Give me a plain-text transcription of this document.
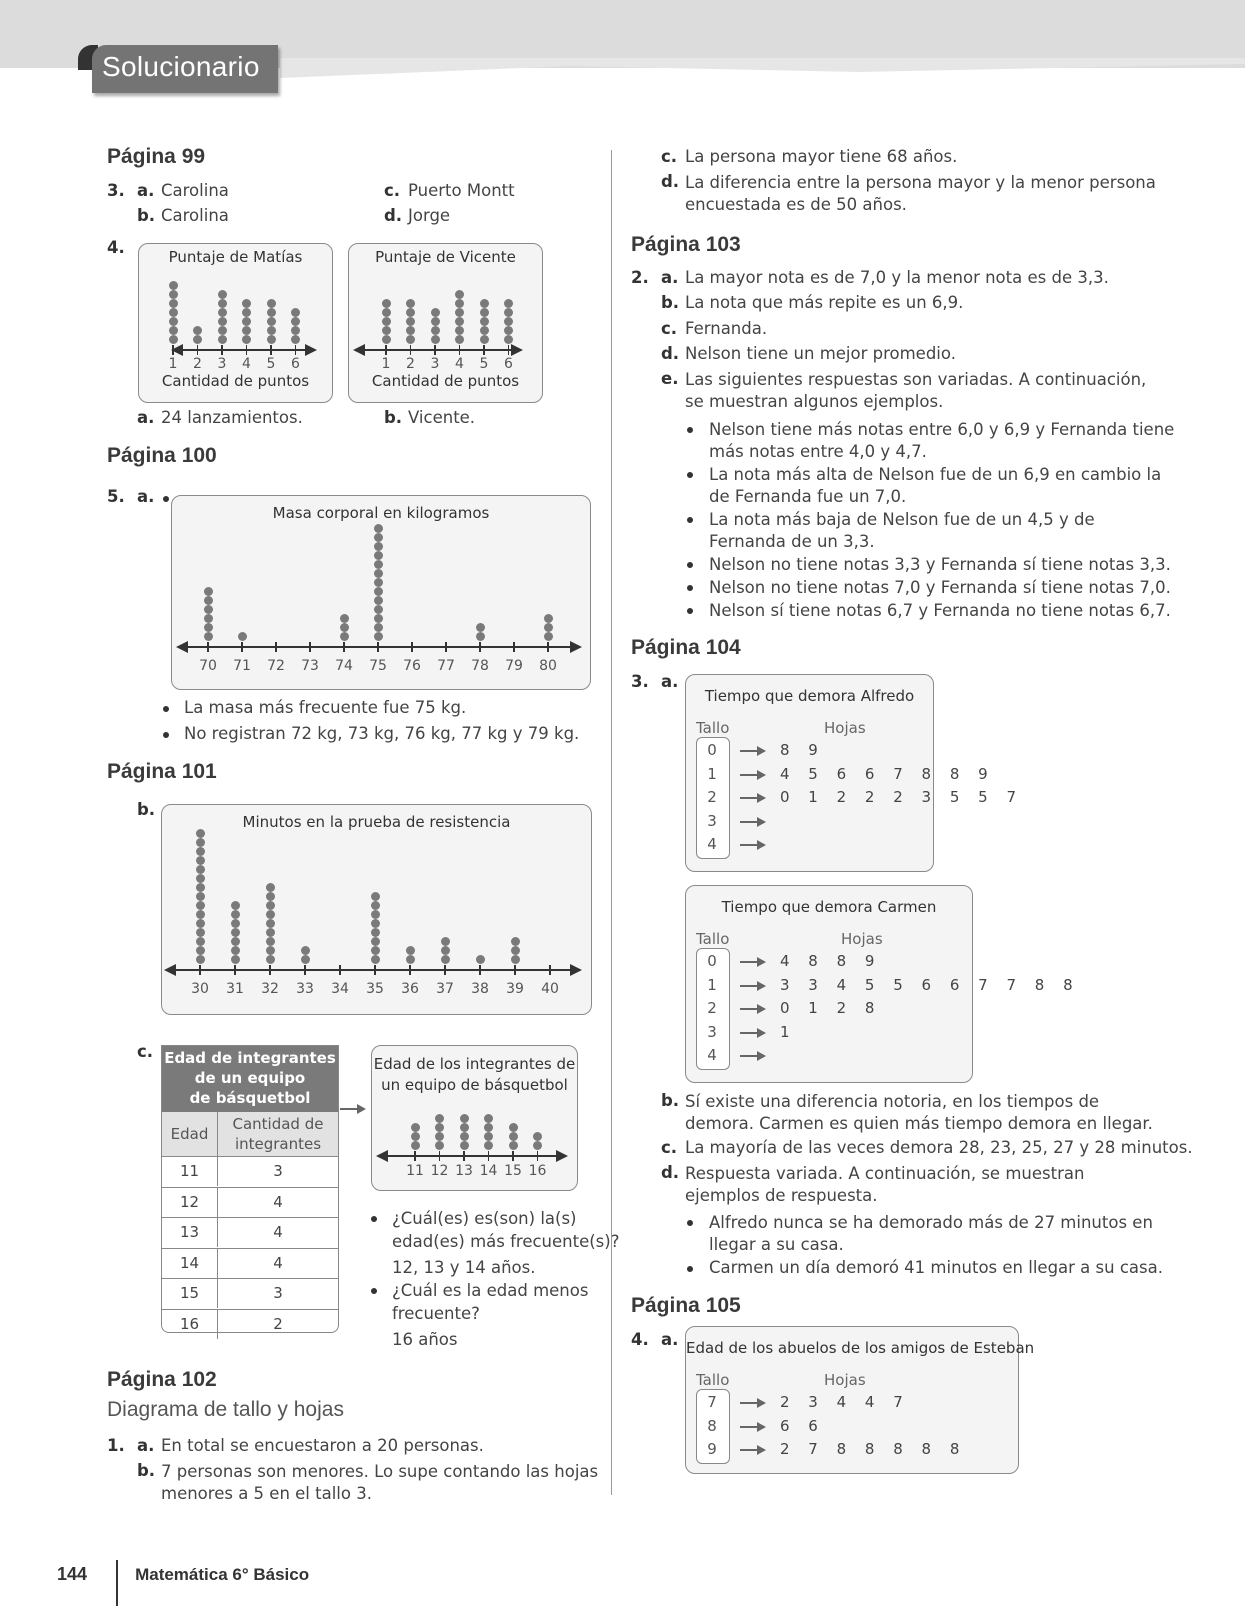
Solucionario
Página 99
3. a. Carolina
b. Carolina
c. Puerto Montt
d. Jorge
4.	Puntaje de Matías
1	2	3	4	5	6
Cantidad de puntos
Puntaje de Vicente
1	2	3	4	5	6
Cantidad de puntos
a. 24 lanzamientos.	b. Vicente.
Página 100
5. a.
Masa corporal en kilogramos
70	71	72	73	74	75	76	77	78	79	80
La masa más frecuente fue 75 kg.
No registran 72 kg, 73 kg, 76 kg, 77 kg y 79 kg.
Página 101
b.
Minutos en la prueba de resistencia
30	31	32	33	34	35	36	37	38	39	40
c. Edad de integrantes
de un equipo
de básquetbol
Edad
Cantidad de
integrantes
11	3
12	4
13	4
14	4
15	3
16	2
Edad de los integrantes de
un equipo de básquetbol
11 12 13 14 15 16
¿Cuál(es) es(son) la(s)
edad(es) más frecuente(s)?
12, 13 y 14 años.
¿Cuál es la edad menos
frecuente?
16 años
Página 102
Diagrama de tallo y hojas
1. a. En total se encuestaron a 20 personas.
b. 7 personas son menores. Lo supe contando las hojas
menores a 5 en el tallo 3.
c. La persona mayor tiene 68 años.
d. La diferencia entre la persona mayor y la menor persona
encuestada es de 50 años.
Página 103
2. a. La mayor nota es de 7,0 y la menor nota es de 3,3.
b. La nota que más repite es un 6,9.
c. Fernanda.
d. Nelson tiene un mejor promedio.
e. Las siguientes respuestas son variadas. A continuación,
se muestran algunos ejemplos.
Nelson tiene más notas entre 6,0 y 6,9 y Fernanda tiene
más notas entre 4,0 y 4,7.
La nota más alta de Nelson fue de un 6,9 en cambio la
de Fernanda fue un 7,0.
La nota más baja de Nelson fue de un 4,5 y de
Fernanda de un 3,3.
Nelson no tiene notas 3,3 y Fernanda sí tiene notas 3,3.
Nelson no tiene notas 7,0 y Fernanda sí tiene notas 7,0.
Nelson sí tiene notas 6,7 y Fernanda no tiene notas 6,7.
Página 104
3. a.
Tiempo que demora Alfredo
Tallo	Hojas
0	8 9
1	4 5 6 6 7 8 8 9
2	0 1 2 2 2 3 5 5 7
3
4
Tiempo que demora Carmen
Tallo	Hojas
0	4 8 8 9
1	3 3 4 5 5 6 6 7 7 8 8
2	0 1 2 8
3	1
4
b. Sí existe una diferencia notoria, en los tiempos de
demora. Carmen es quien más tiempo demora en llegar.
c. La mayoría de las veces demora 28, 23, 25, 27 y 28 minutos.
d. Respuesta variada. A continuación, se muestran
ejemplos de respuesta.
Alfredo nunca se ha demorado más de 27 minutos en
llegar a su casa.
Carmen un día demoró 41 minutos en llegar a su casa.
Página 105
4. a. Edad de los abuelos de los amigos de Esteban
Tallo	Hojas
7	2 3 4 4 7
8	6 6
9	2 7 8 8 8 8 8
144	Matemática 6° Básico
